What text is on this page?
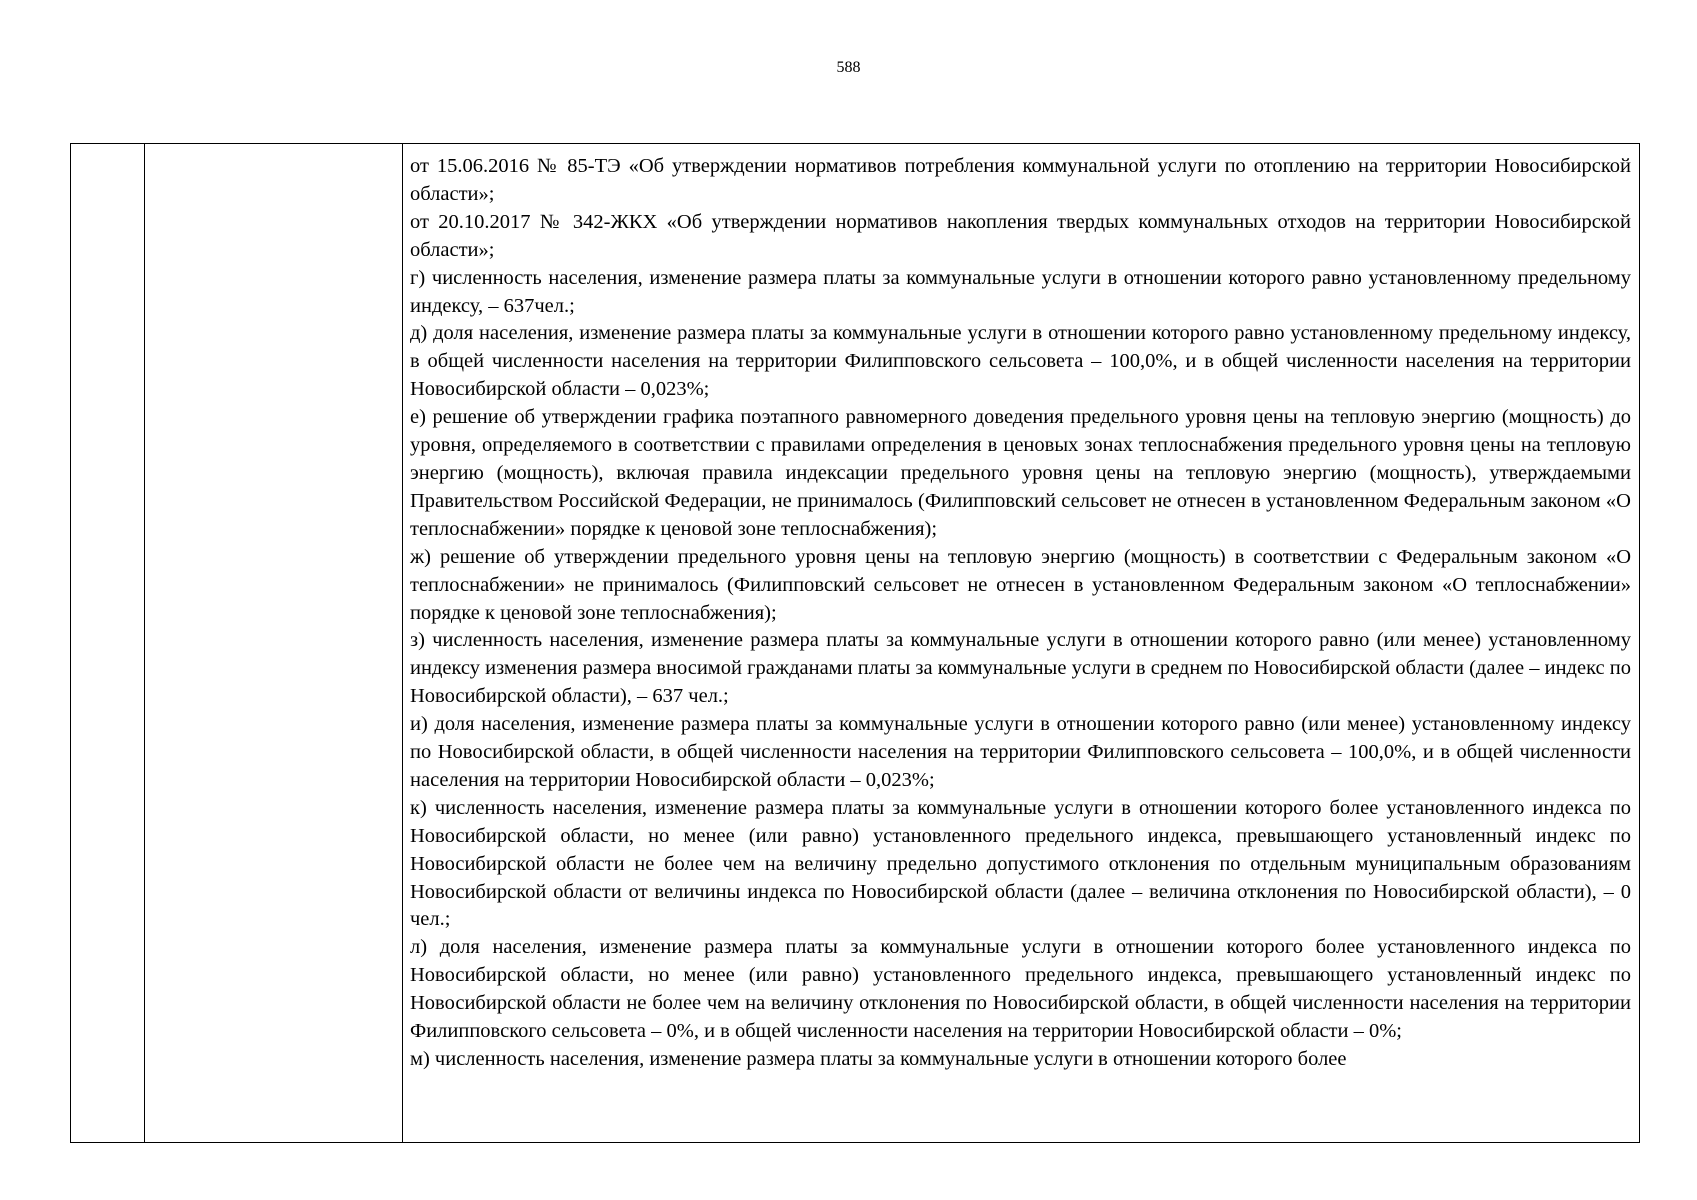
588

от 15.06.2016 № 85-ТЭ «Об утверждении нормативов потребления коммунальной услуги по отоплению на территории Новосибирской области»;

от 20.10.2017 № 342-ЖКХ «Об утверждении нормативов накопления твердых коммунальных отходов на территории Новосибирской области»;

г) численность населения, изменение размера платы за коммунальные услуги в отношении которого равно установленному предельному индексу, – 637чел.;

д) доля населения, изменение размера платы за коммунальные услуги в отношении которого равно установленному предельному индексу, в общей численности населения на территории Филипповского сельсовета – 100,0%, и в общей численности населения на территории Новосибирской области – 0,023%;

е) решение об утверждении графика поэтапного равномерного доведения предельного уровня цены на тепловую энергию (мощность) до уровня, определяемого в соответствии с правилами определения в ценовых зонах теплоснабжения предельного уровня цены на тепловую энергию (мощность), включая правила индексации предельного уровня цены на тепловую энергию (мощность), утверждаемыми Правительством Российской Федерации, не принималось (Филипповский сельсовет не отнесен в установленном Федеральным законом «О теплоснабжении» порядке к ценовой зоне теплоснабжения);

ж) решение об утверждении предельного уровня цены на тепловую энергию (мощность) в соответствии с Федеральным законом «О теплоснабжении» не принималось (Филипповский сельсовет не отнесен в установленном Федеральным законом «О теплоснабжении» порядке к ценовой зоне теплоснабжения);

з) численность населения, изменение размера платы за коммунальные услуги в отношении которого равно (или менее) установленному индексу изменения размера вносимой гражданами платы за коммунальные услуги в среднем по Новосибирской области (далее – индекс по Новосибирской области), – 637 чел.;

и) доля населения, изменение размера платы за коммунальные услуги в отношении которого равно (или менее) установленному индексу по Новосибирской области, в общей численности населения на территории Филипповского сельсовета – 100,0%, и в общей численности населения на территории Новосибирской области – 0,023%;

к) численность населения, изменение размера платы за коммунальные услуги в отношении которого более установленного индекса по Новосибирской области, но менее (или равно) установленного предельного индекса, превышающего установленный индекс по Новосибирской области не более чем на величину предельно допустимого отклонения по отдельным муниципальным образованиям Новосибирской области от величины индекса по Новосибирской области (далее – величина отклонения по Новосибирской области), – 0 чел.;

л) доля населения, изменение размера платы за коммунальные услуги в отношении которого более установленного индекса по Новосибирской области, но менее (или равно) установленного предельного индекса, превышающего установленный индекс по Новосибирской области не более чем на величину отклонения по Новосибирской области, в общей численности населения на территории Филипповского сельсовета – 0%, и в общей численности населения на территории Новосибирской области – 0%;

м) численность населения, изменение размера платы за коммунальные услуги в отношении которого более
